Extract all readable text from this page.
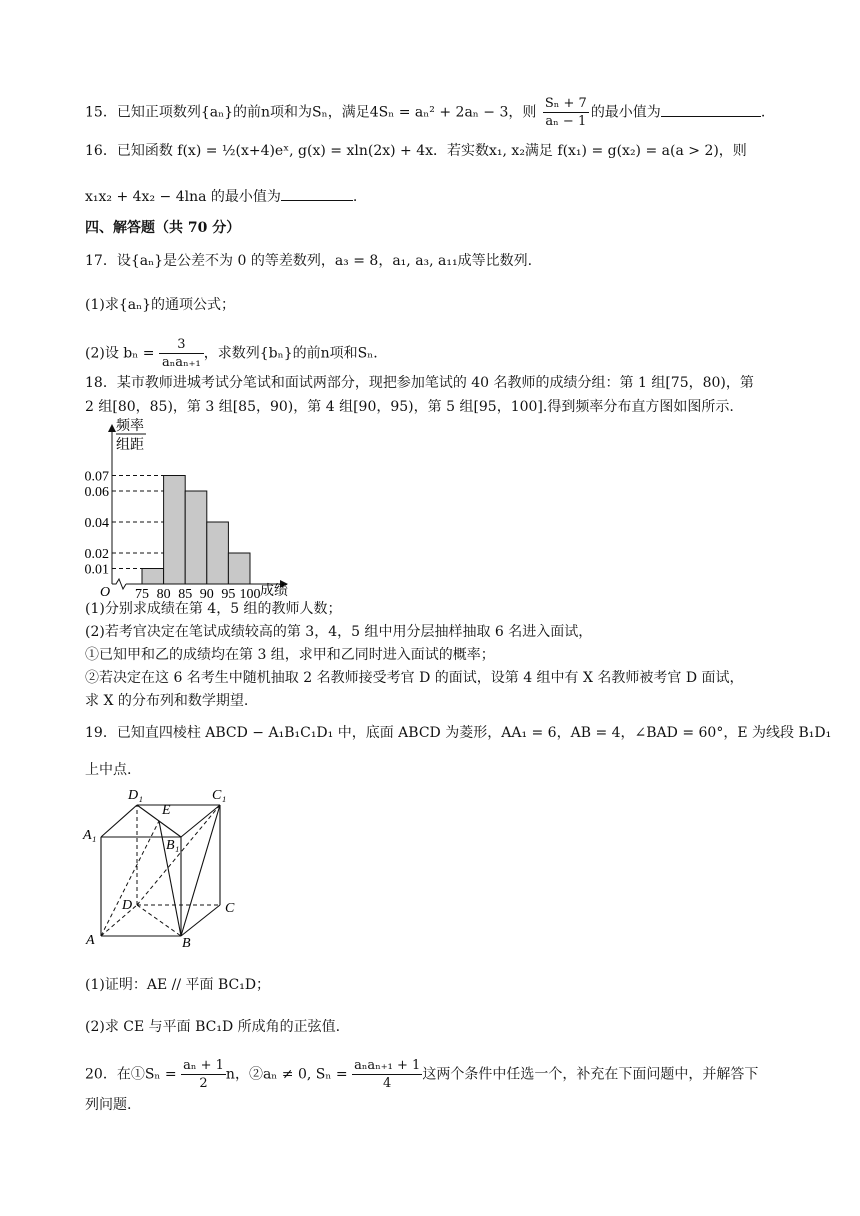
15．已知正项数列{aₙ}的前n项和为Sₙ，满足4Sₙ = aₙ² + 2aₙ − 3，则 $\frac{\text{Sₙ + 7}}{\text{aₙ − 1}}$ 的最小值为	.
16．已知函数 f(x) = ½(x+4)eˣ, g(x) = xln(2x) + 4x．若实数x₁, x₂满足 f(x₁) = g(x₂) = a(a > 2)，则
x₁x₂ + 4x₂ − 4lna 的最小值为	.
四、解答题（共 70 分）
17．设{aₙ}是公差不为 0 的等差数列，a₃ = 8，a₁, a₃, a₁₁成等比数列.
(1)求{aₙ}的通项公式；
(2)设 bₙ =
3
aₙaₙ₊₁
，求数列{bₙ}的前n项和Sₙ.
18．某市教师进城考试分笔试和面试两部分，现把参加笔试的 40 名教师的成绩分组：第 1 组[75，80)，第
2 组[80，85)，第 3 组[85，90)，第 4 组[90，95)，第 5 组[95，100].得到频率分布直方图如图所示.
0.01
0.02
0.04
0.06
0.07
75 80 85 90 95 100
频率
组距
成绩
O
(1)分别求成绩在第 4，5 组的教师人数；
(2)若考官决定在笔试成绩较高的第 3，4，5 组中用分层抽样抽取 6 名进入面试，
①已知甲和乙的成绩均在第 3 组，求甲和乙同时进入面试的概率；
②若决定在这 6 名考生中随机抽取 2 名教师接受考官 D 的面试，设第 4 组中有 X 名教师被考官 D 面试，
求 X 的分布列和数学期望.
19．已知直四棱柱 ABCD − A₁B₁C₁D₁ 中，底面 ABCD 为菱形，AA₁ = 6，AB = 4，∠BAD = 60°，E 为线段 B₁D₁
上中点.
D₁	C₁
E
A₁
B₁
D	C
A	B
(1)证明：AE // 平面 BC₁D；
(2)求 CE 与平面 BC₁D 所成角的正弦值.
20．在①Sₙ = $\frac{\text{aₙ + 1}}{2}$ n，②aₙ ≠ 0, Sₙ =
aₙaₙ₊₁ + 1
4
这两个条件中任选一个，补充在下面问题中，并解答下
列问题.
